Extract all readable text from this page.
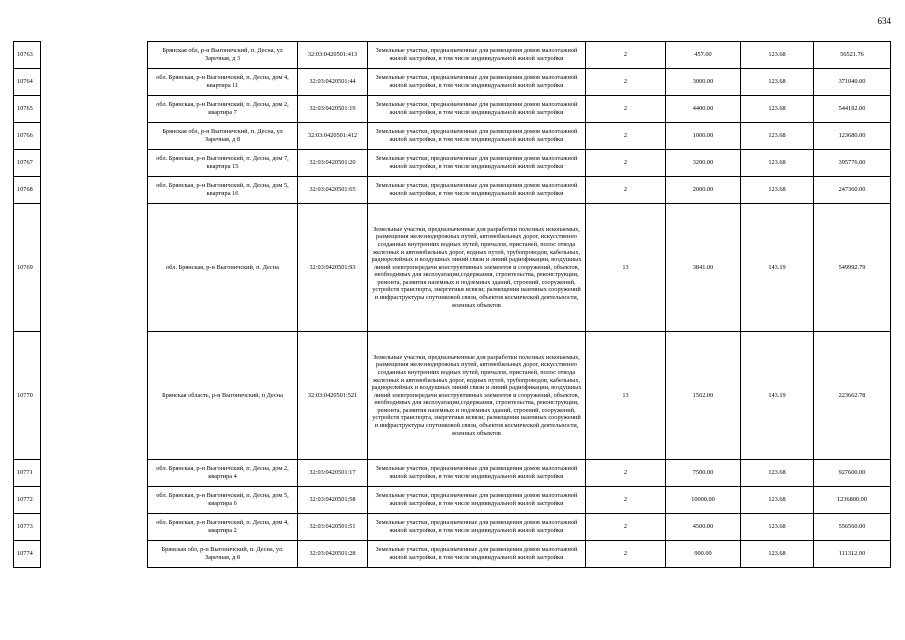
634
10763		Брянская обл, р-н Выгоничский, п. Десна, ул Заречная, д 3	32:03:0420501:413	Земельные участки, предназначенные для размещения домов малоэтажной жилой застройки, в том числе индивидуальной жилой застройки	2	457.00	123.68	56521.76
10764		обл. Брянская, р-н Выгоничский, п. Десна, дом 4, квартира 11	32:03:0420501:44	Земельные участки, предназначенные для размещения домов малоэтажной жилой застройки, в том числе индивидуальной жилой застройки	2	3000.00	123.68	371040.00
10765		обл. Брянская, р-н Выгоничский, п. Десна, дом 2, квартира 7	32:03:0420501:19	Земельные участки, предназначенные для размещения домов малоэтажной жилой застройки, в том числе индивидуальной жилой застройки	2	4400.00	123.68	544192.00
10766		Брянская обл, р-н Выгоничский, п. Десна, ул Заречная, д 8	32:03:0420501:412	Земельные участки, предназначенные для размещения домов малоэтажной жилой застройки, в том числе индивидуальной жилой застройки	2	1000.00	123.68	123680.00
10767		обл. Брянская, р-н Выгоничский, п. Десна, дом 7, квартира 15	32:03:0420501:20	Земельные участки, предназначенные для размещения домов малоэтажной жилой застройки, в том числе индивидуальной жилой застройки	2	3200.00	123.68	395776.00
10768		обл. Брянская, р-н Выгоничский, п. Десна, дом 5, квартира 16	32:03:0420501:65	Земельные участки, предназначенные для размещения домов малоэтажной жилой застройки, в том числе индивидуальной жилой застройки	2	2000.00	123.68	247360.00
10769		обл. Брянская, р-н Выгоничский, п. Десна	32:03:0420501:93	Земельные участки, предназначенные для разработки полезных ископаемых, размещения железнодорожных путей, автомобильных дорог, искусственно созданных внутренних водных путей, причалов, пристаней, полос отвода железных и автомобильных дорог, водных путей, трубопроводов, кабельных, радиорелейных и воздушных линий связи и линий радиофикации, воздушных линий электропередачи конструктивных элементов и сооружений, объектов, необходимых для эксплуатации,содержания, строительства, реконструкции, ремонта, развития наземных и подземных зданий, строений, сооружений, устройств транспорта, энергетики исвязи; размещения наземных сооружений и инфраструктуры спутниковой связи, объектов космической деятельности, военных объектов	13	3841.00	143.19	549992.79
10770		Брянская область, р-н Выгоничский, п Десна	32:03:0420501:521	Земельные участки, предназначенные для разработки полезных ископаемых, размещения железнодорожных путей, автомобильных дорог, искусственно созданных внутренних водных путей, причалов, пристаней, полос отвода железных и автомобильных дорог, водных путей, трубопроводов, кабельных, радиорелейных и воздушных линий связи и линий радиофикации, воздушных линий электропередачи конструктивных элементов и сооружений, объектов, необходимых для эксплуатации,содержания, строительства, реконструкции, ремонта, развития наземных и подземных зданий, строений, сооружений, устройств транспорта, энергетики исвязи; размещения наземных сооружений и инфраструктуры спутниковой связи, объектов космической деятельности, военных объектов	13	1562.00	143.19	223662.78
10771		обл. Брянская, р-н Выгоничский, п. Десна, дом 2, квартира 4	32:03:0420501:17	Земельные участки, предназначенные для размещения домов малоэтажной жилой застройки, в том числе индивидуальной жилой застройки	2	7500.00	123.68	927600.00
10772		обл. Брянская, р-н Выгоничский, п. Десна, дом 5, квартира 6	32:03:0420501:58	Земельные участки, предназначенные для размещения домов малоэтажной жилой застройки, в том числе индивидуальной жилой застройки	2	10000.00	123.68	1236800.00
10773		обл. Брянская, р-н Выгоничский, п. Десна, дом 4, квартира 2	32:03:0420501:51	Земельные участки, предназначенные для размещения домов малоэтажной жилой застройки, в том числе индивидуальной жилой застройки	2	4500.00	123.68	556560.00
10774		Брянская обл, р-н Выгоничский, п. Десна, ул. Заречная, д 8	32:03:0420501:28	Земельные участки, предназначенные для размещения домов малоэтажной жилой застройки, в том числе индивидуальной жилой застройки	2	900.00	123.68	111312.00
